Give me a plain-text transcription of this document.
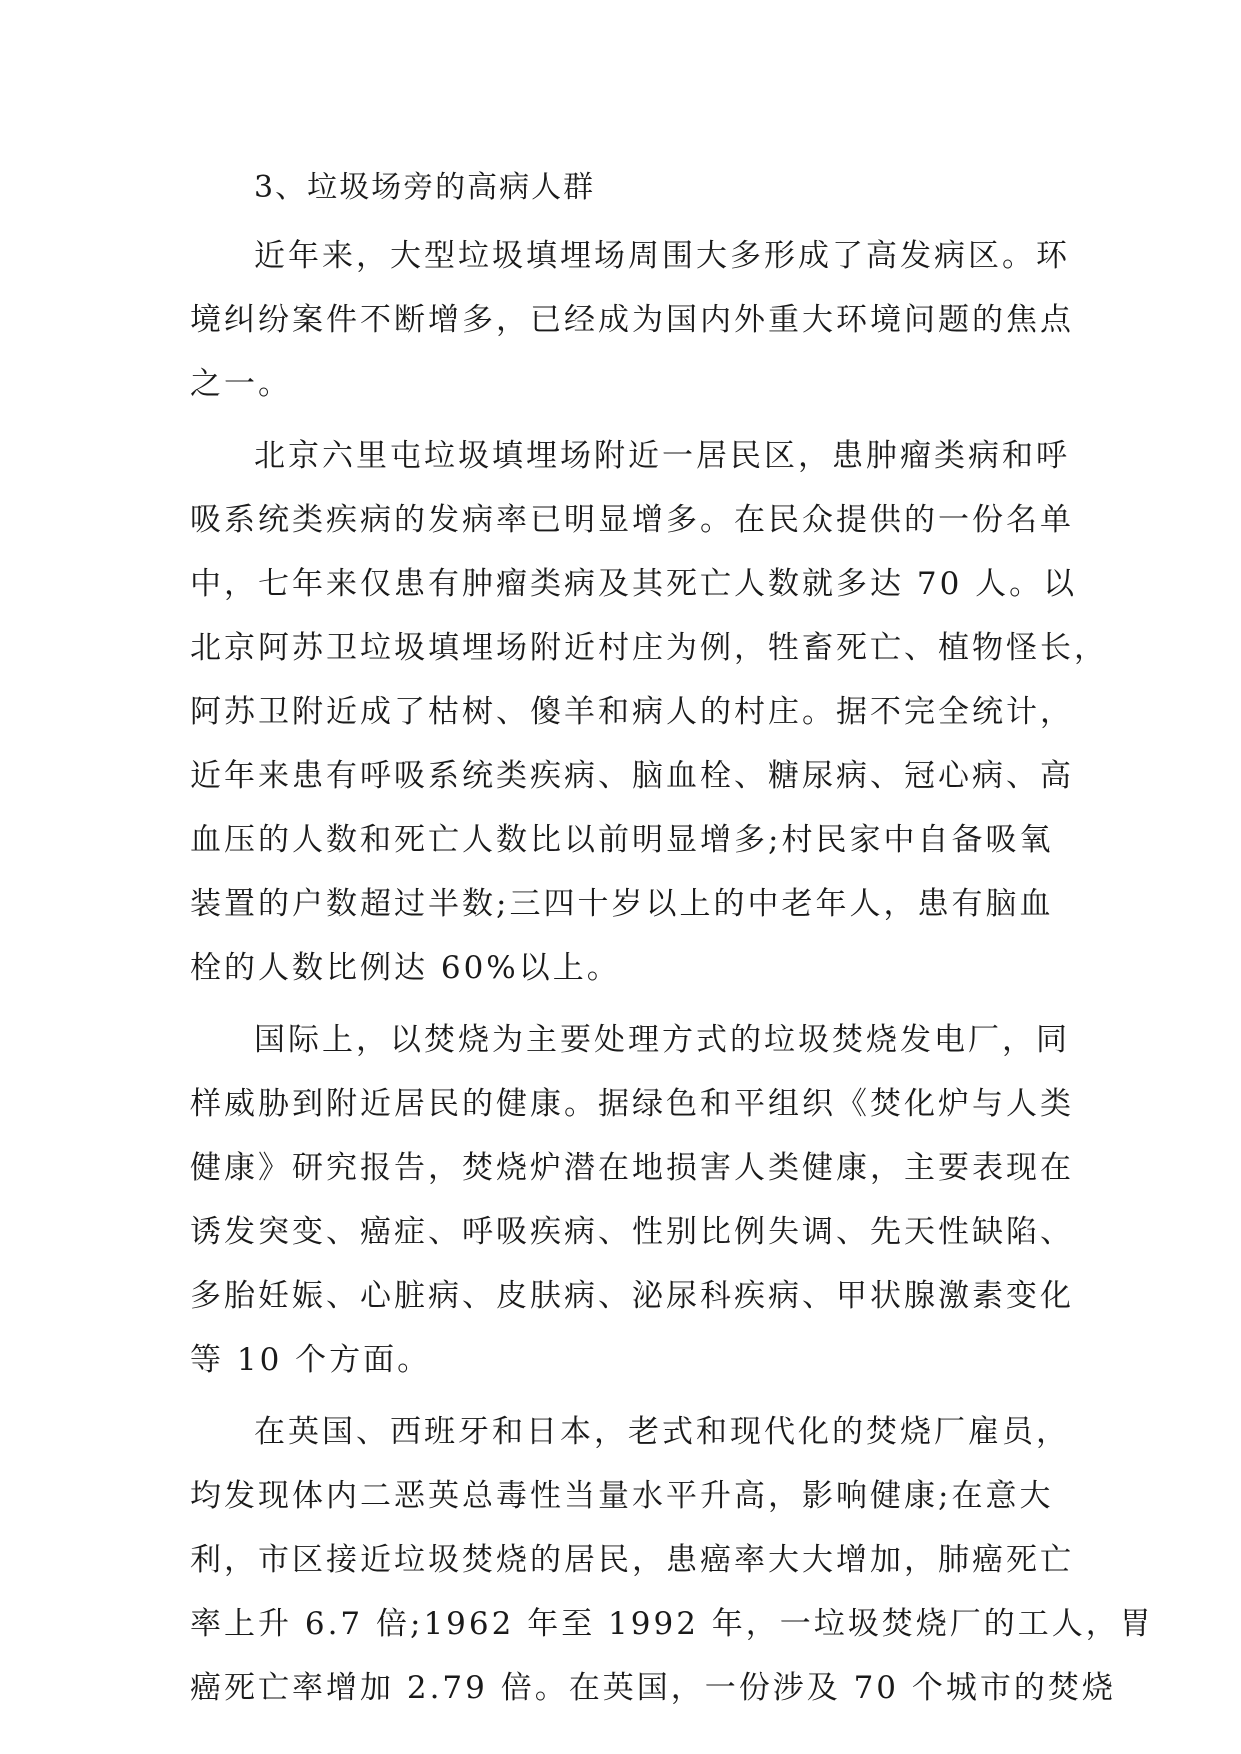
3、垃圾场旁的高病人群
近年来，大型垃圾填埋场周围大多形成了高发病区。环
境纠纷案件不断增多，已经成为国内外重大环境问题的焦点
之一。
北京六里屯垃圾填埋场附近一居民区，患肿瘤类病和呼
吸系统类疾病的发病率已明显增多。在民众提供的一份名单
中，七年来仅患有肿瘤类病及其死亡人数就多达 70 人。以
北京阿苏卫垃圾填埋场附近村庄为例，牲畜死亡、植物怪长，
阿苏卫附近成了枯树、傻羊和病人的村庄。据不完全统计，
近年来患有呼吸系统类疾病、脑血栓、糖尿病、冠心病、高
血压的人数和死亡人数比以前明显增多;村民家中自备吸氧
装置的户数超过半数;三四十岁以上的中老年人，患有脑血
栓的人数比例达 60%以上。
国际上，以焚烧为主要处理方式的垃圾焚烧发电厂，同
样威胁到附近居民的健康。据绿色和平组织《焚化炉与人类
健康》研究报告，焚烧炉潜在地损害人类健康，主要表现在
诱发突变、癌症、呼吸疾病、性别比例失调、先天性缺陷、
多胎妊娠、心脏病、皮肤病、泌尿科疾病、甲状腺激素变化
等 10 个方面。
在英国、西班牙和日本，老式和现代化的焚烧厂雇员，
均发现体内二恶英总毒性当量水平升高，影响健康;在意大
利，市区接近垃圾焚烧的居民，患癌率大大增加，肺癌死亡
率上升 6.7 倍;1962 年至 1992 年，一垃圾焚烧厂的工人，胃
癌死亡率增加 2.79 倍。在英国，一份涉及 70 个城市的焚烧
